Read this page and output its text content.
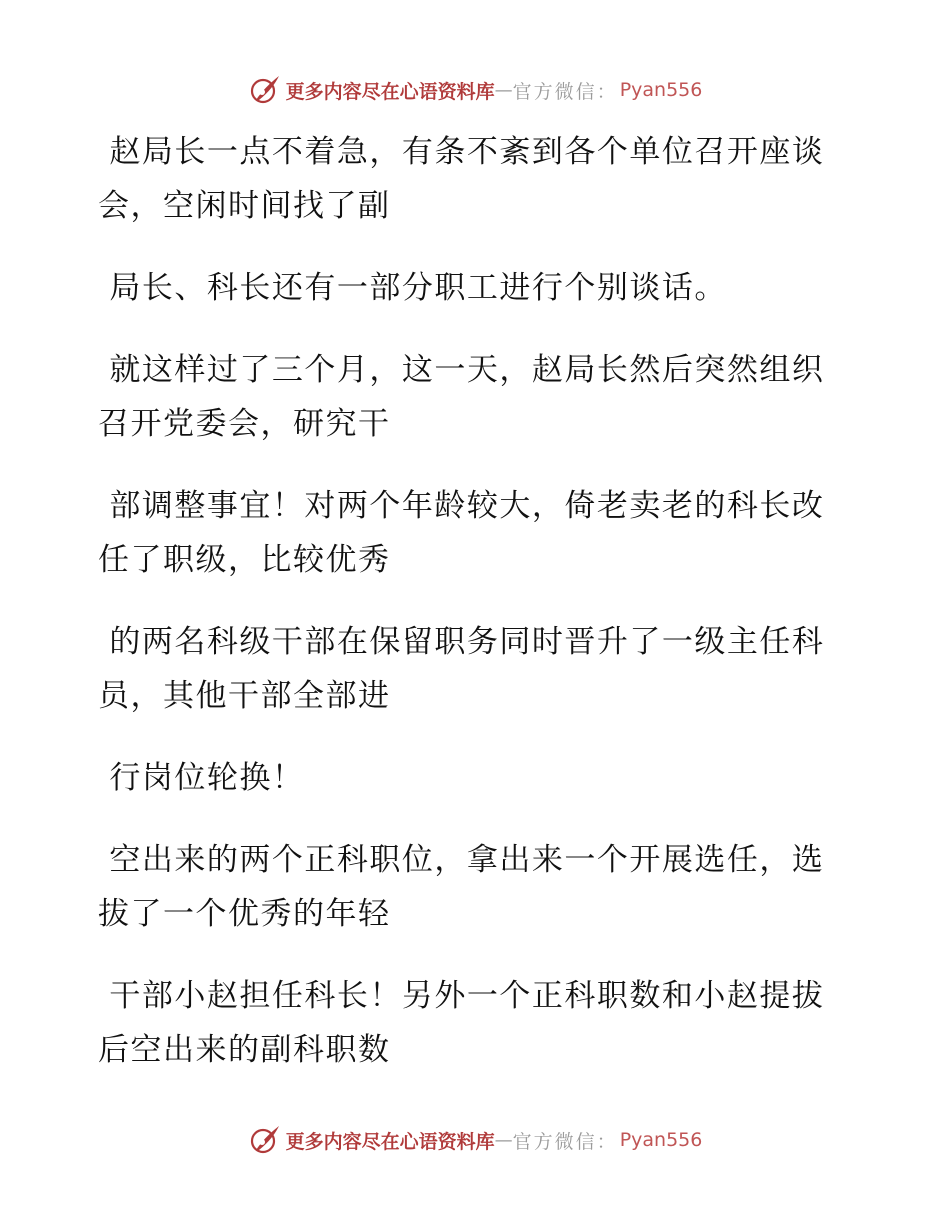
更多内容尽在心语资料库 — 官方微信： Pyan556

赵局长一点不着急，有条不紊到各个单位召开座谈会，空闲时间找了副

局长、科长还有一部分职工进行个别谈话。

就这样过了三个月，这一天，赵局长然后突然组织召开党委会，研究干

部调整事宜！对两个年龄较大，倚老卖老的科长改任了职级，比较优秀

的两名科级干部在保留职务同时晋升了一级主任科员，其他干部全部进

行岗位轮换！

空出来的两个正科职位，拿出来一个开展选任，选拔了一个优秀的年轻

干部小赵担任科长！另外一个正科职数和小赵提拔后空出来的副科职数

更多内容尽在心语资料库 — 官方微信： Pyan556
